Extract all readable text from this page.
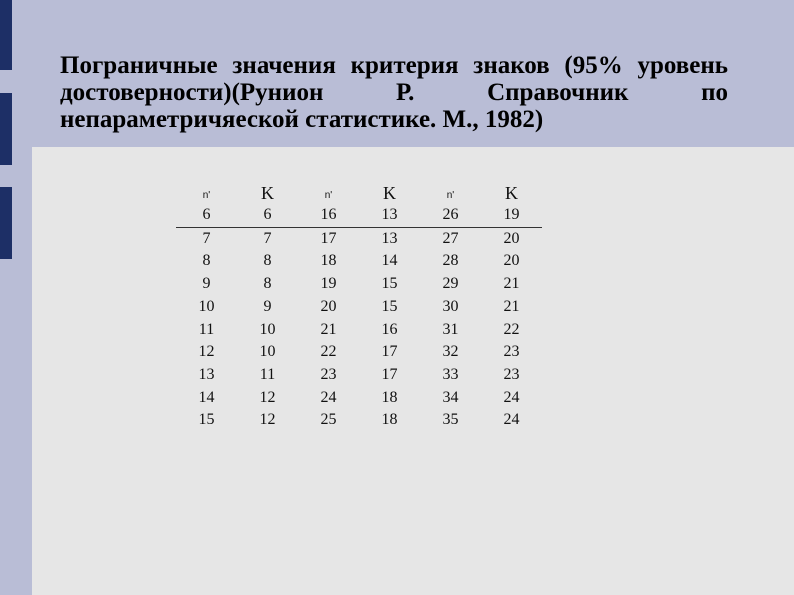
Пограничные значения критерия знаков (95% уровень достоверности)(Рунион Р. Справочник по непараметричяеской статистике. М., 1982)
n'	K	n'	K	n'	K
6	6	16	13	26	19
7	7	17	13	27	20
8	8	18	14	28	20
9	8	19	15	29	21
10	9	20	15	30	21
11	10	21	16	31	22
12	10	22	17	32	23
13	11	23	17	33	23
14	12	24	18	34	24
15	12	25	18	35	24
